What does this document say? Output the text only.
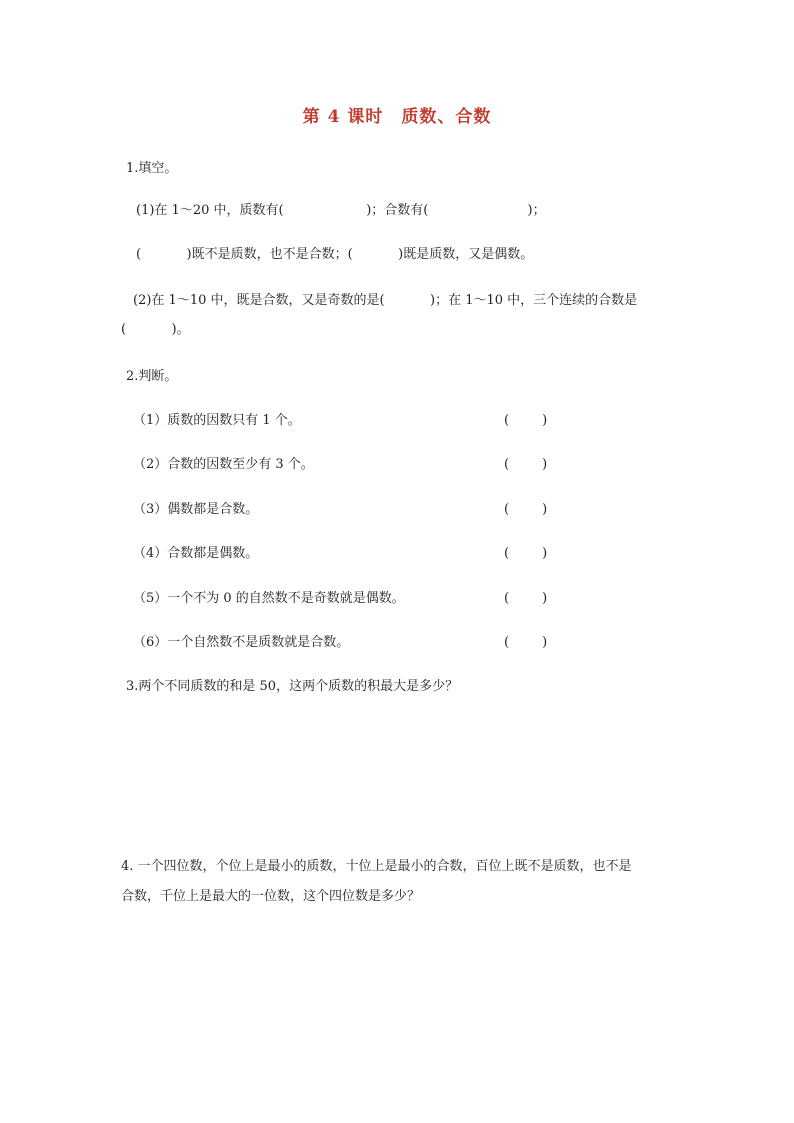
第 4 课时　质数、合数
1.填空。
(1)在 1～20 中，质数有(                    )；合数有(                        )；
(           )既不是质数，也不是合数；(           )既是质数，又是偶数。
(2)在 1～10 中，既是合数，又是奇数的是(           )；在 1～10 中，三个连续的合数是
(           )。
2.判断。
（1）质数的因数只有 1 个。	(        )
（2）合数的因数至少有 3 个。	(        )
（3）偶数都是合数。	(        )
（4）合数都是偶数。	(        )
（5）一个不为 0 的自然数不是奇数就是偶数。	(        )
（6）一个自然数不是质数就是合数。	(        )
3.两个不同质数的和是 50，这两个质数的积最大是多少？
4. 一个四位数，个位上是最小的质数，十位上是最小的合数，百位上既不是质数，也不是
合数，千位上是最大的一位数，这个四位数是多少？
